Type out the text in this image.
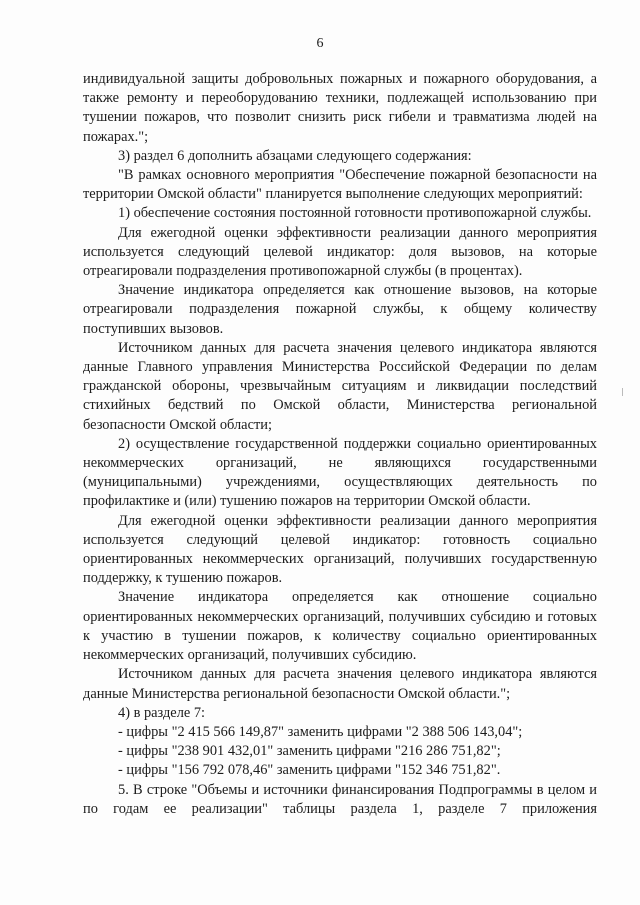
6

индивидуальной защиты добровольных пожарных и пожарного оборудования, а также ремонту и переоборудованию техники, подлежащей использованию при тушении пожаров, что позволит снизить риск гибели и травматизма людей на пожарах.";

3) раздел 6 дополнить абзацами следующего содержания:

"В рамках основного мероприятия "Обеспечение пожарной безопасности на территории Омской области" планируется выполнение следующих мероприятий:

1) обеспечение состояния постоянной готовности противопожарной службы.

Для ежегодной оценки эффективности реализации данного мероприятия используется следующий целевой индикатор: доля вызовов, на которые отреагировали подразделения противопожарной службы (в процентах).

Значение индикатора определяется как отношение вызовов, на которые отреагировали подразделения пожарной службы, к общему количеству поступивших вызовов.

Источником данных для расчета значения целевого индикатора являются данные Главного управления Министерства Российской Федерации по делам гражданской обороны, чрезвычайным ситуациям и ликвидации последствий стихийных бедствий по Омской области, Министерства региональной безопасности Омской области;

2) осуществление государственной поддержки социально ориентированных некоммерческих организаций, не являющихся государственными (муниципальными) учреждениями, осуществляющих деятельность по профилактике и (или) тушению пожаров на территории Омской области.

Для ежегодной оценки эффективности реализации данного мероприятия используется следующий целевой индикатор: готовность социально ориентированных некоммерческих организаций, получивших государственную поддержку, к тушению пожаров.

Значение индикатора определяется как отношение социально ориентированных некоммерческих организаций, получивших субсидию и готовых к участию в тушении пожаров, к количеству социально ориентированных некоммерческих организаций, получивших субсидию.

Источником данных для расчета значения целевого индикатора являются данные Министерства региональной безопасности Омской области.";

4) в разделе 7:

- цифры "2 415 566 149,87" заменить цифрами "2 388 506 143,04";

- цифры "238 901 432,01" заменить цифрами "216 286 751,82";

- цифры "156 792 078,46" заменить цифрами "152 346 751,82".

5. В строке "Объемы и источники финансирования Подпрограммы в целом и по годам ее реализации" таблицы раздела 1, разделе 7 приложения
